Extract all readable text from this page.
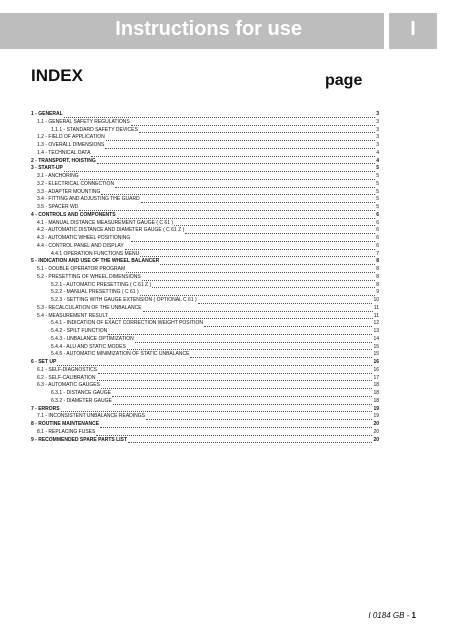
Instructions for use	I
INDEX	page
1 - GENERAL	3
1.1 - GENERAL SAFETY REGULATIONS	3
1.1.1 - STANDARD SAFETY DEVICES	3
1.2 - FIELD OF APPLICATION	3
1.3 - OVERALL DIMENSIONS	3
1.4 - TECHNICAL DATA	4
2 - TRANSPORT, HOISTING	4
3 - START-UP	5
3.1 - ANCHORING	5
3.2 - ELECTRICAL CONNECTION	5
3.3 - ADAPTER MOUNTING	5
3.4 - FITTING AND ADJUSTING THE GUARD	5
3.5 - SPACER WD	5
4 - CONTROLS AND COMPONENTS	6
4.1 - MANUAL DISTANCE MEASUREMENT GAUGE ( C 61 )	6
4.2 - AUTOMATIC DISTANCE AND DIAMETER GAUGE ( C 61 Z )	6
4.3 - AUTOMATIC WHEEL POSITIONING	6
4.4 - CONTROL PANEL AND DISPLAY	6
4.4.1 OPERATION FUNCTIONS MENU	7
5 - INDICATION AND USE OF THE WHEEL BALANCER	8
5.1 - DOUBLE OPERATOR PROGRAM	8
5.2 - PRESETTING OF WHEEL DIMENSIONS	8
5.2.1 - AUTOMATIC PRESETTING ( C 61 Z )	8
5.2.2 - MANUAL PRESETTING ( C 61 )	9
5.2.3 - SETTING WITH GAUGE EXTENSION ( OPTIONAL C 61 )	10
5.3 - RECALCULATION OF THE UNBALANCE	11
5.4 - MEASUREMENT RESULT	11
5.4.1 - INDICATION OF EXACT CORRECTION WEIGHT POSITION	12
5.4.2 - SPILT FUNCTION	13
5.4.3 - UNBALANCE OPTIMIZATION	14
5.4.4 - ALU AND STATIC MODES	15
5.4.5 - AUTOMATIC MINIMIZATION OF STATIC UNBALANCE	15
6 - SET UP	16
6.1 - SELF-DIAGNOSTICS	16
6.2 - SELF-CALIBRATION	17
6.3 - AUTOMATIC GAUGES	18
6.3.1 - DISTANCE GAUGE	18
6.3.2 - DIAMETER GAUGE	18
7 - ERRORS	19
7.1 - INCONSISTENT UNBALANCE READINGS	19
8 - ROUTINE MAINTENANCE	20
8.1 - REPLACING FUSES	20
9 - RECOMMENDED SPARE PARTS LIST	20
I 0184 GB - 1
